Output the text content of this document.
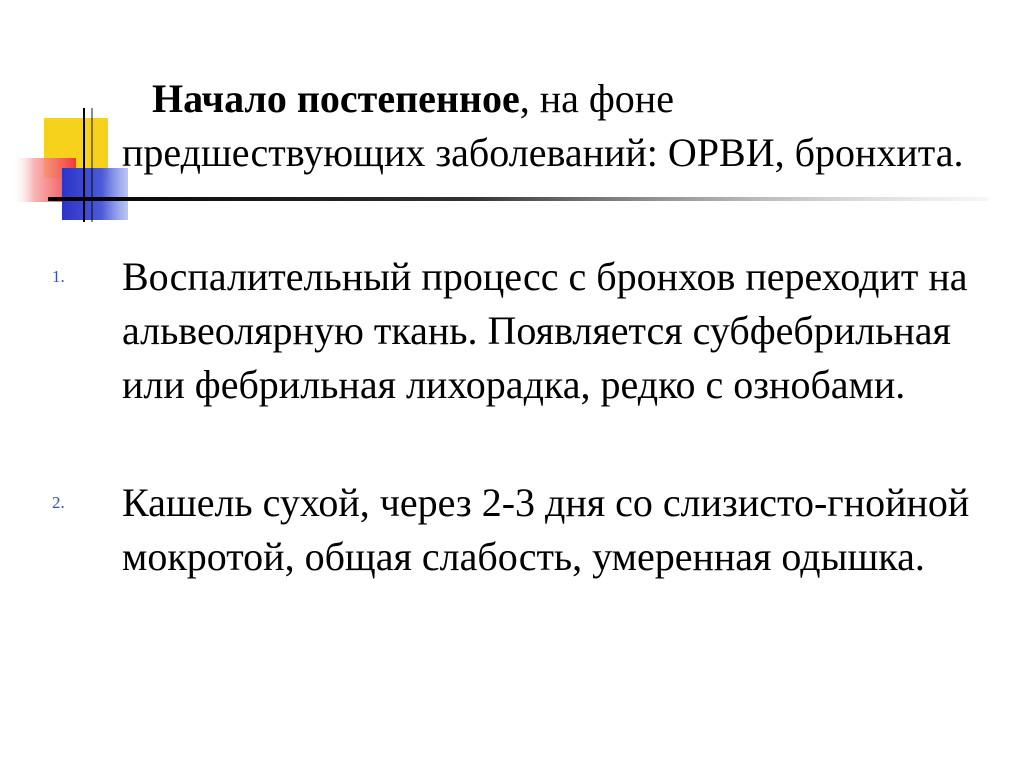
Начало постепенное, на фоне предшествующих заболеваний: ОРВИ, бронхита.

1.	Воспалительный процесс с бронхов переходит на альвеолярную ткань. Появляется субфебрильная или фебрильная лихорадка, редко с ознобами.
2.	Кашель сухой, через 2-3 дня со слизисто-гнойной мокротой, общая слабость, умеренная одышка.
